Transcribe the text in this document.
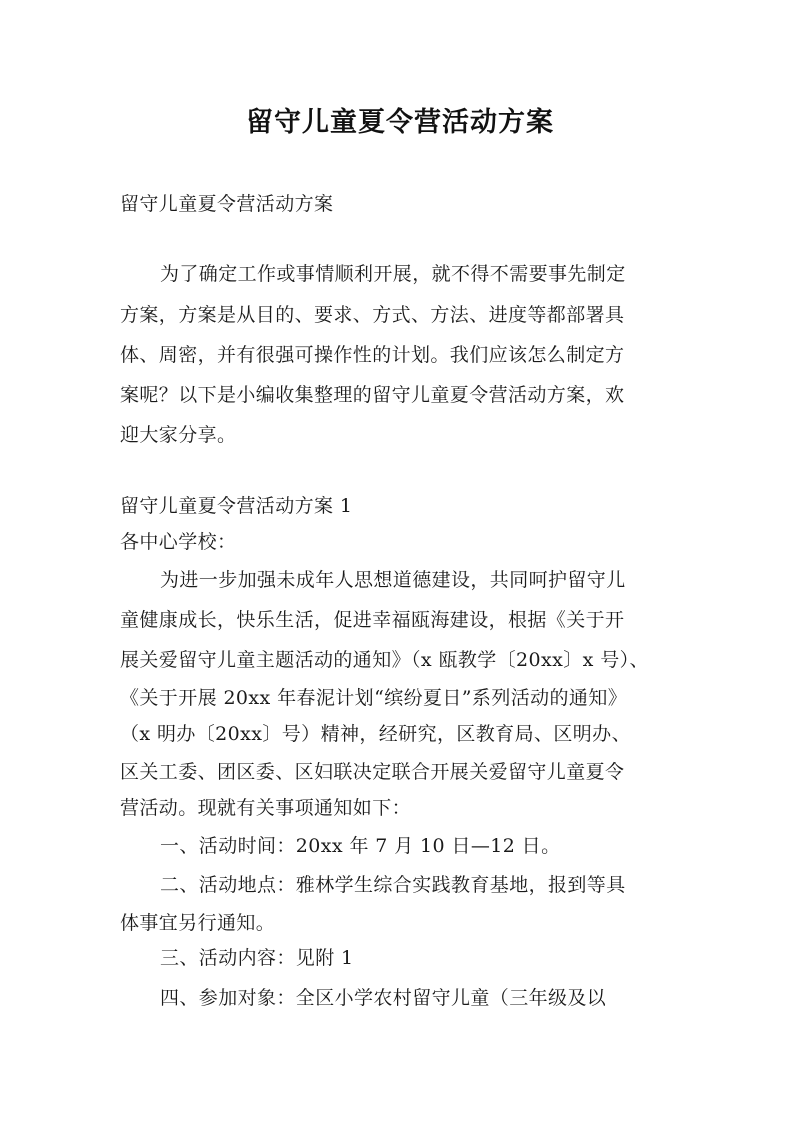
留守儿童夏令营活动方案
留守儿童夏令营活动方案
为了确定工作或事情顺利开展，就不得不需要事先制定
方案，方案是从目的、要求、方式、方法、进度等都部署具
体、周密，并有很强可操作性的计划。我们应该怎么制定方
案呢？以下是小编收集整理的留守儿童夏令营活动方案，欢
迎大家分享。
留守儿童夏令营活动方案 1
各中心学校：
为进一步加强未成年人思想道德建设，共同呵护留守儿
童健康成长，快乐生活，促进幸福瓯海建设，根据《关于开
展关爱留守儿童主题活动的通知》（x 瓯教学〔20xx〕x 号）、
《关于开展 20xx 年春泥计划“缤纷夏日”系列活动的通知》
（x 明办〔20xx〕号）精神，经研究，区教育局、区明办、
区关工委、团区委、区妇联决定联合开展关爱留守儿童夏令
营活动。现就有关事项通知如下：
一、活动时间：20xx 年 7 月 10 日—12 日。
二、活动地点：雅林学生综合实践教育基地，报到等具
体事宜另行通知。
三、活动内容：见附 1
四、参加对象：全区小学农村留守儿童（三年级及以
